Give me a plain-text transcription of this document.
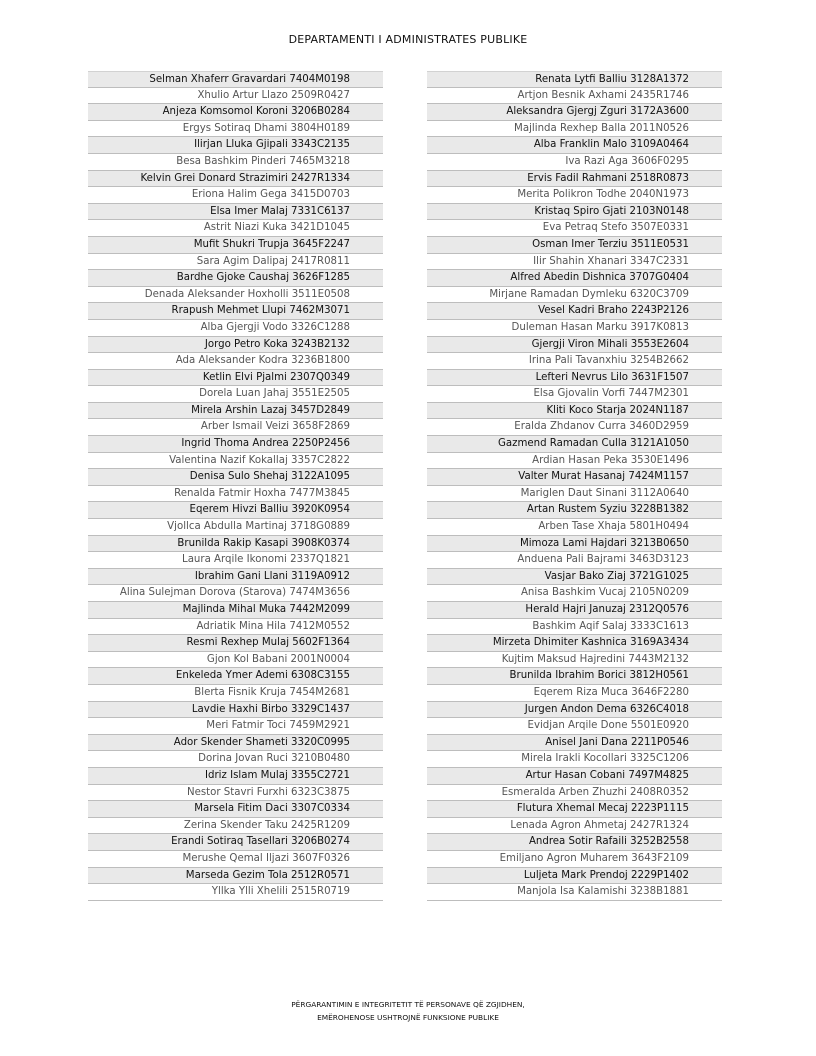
DEPARTAMENTI I ADMINISTRATES PUBLIKE
Selman Xhaferr Gravardari 7404M0198
Xhulio Artur Llazo 2509R0427
Anjeza Komsomol Koroni 3206B0284
Ergys Sotiraq Dhami 3804H0189
Ilirjan Lluka Gjipali 3343C2135
Besa Bashkim Pinderi 7465M3218
Kelvin Grei Donard Strazimiri 2427R1334
Eriona Halim Gega 3415D0703
Elsa Imer Malaj 7331C6137
Astrit Niazi Kuka 3421D1045
Mufit Shukri Trupja 3645F2247
Sara Agim Dalipaj 2417R0811
Bardhe Gjoke Caushaj 3626F1285
Denada Aleksander Hoxholli 3511E0508
Rrapush Mehmet Llupi 7462M3071
Alba Gjergji Vodo 3326C1288
Jorgo Petro Koka 3243B2132
Ada Aleksander Kodra 3236B1800
Ketlin Elvi Pjalmi 2307Q0349
Dorela Luan Jahaj 3551E2505
Mirela Arshin Lazaj 3457D2849
Arber Ismail Veizi 3658F2869
Ingrid Thoma Andrea 2250P2456
Valentina Nazif Kokallaj 3357C2822
Denisa Sulo Shehaj 3122A1095
Renalda Fatmir Hoxha 7477M3845
Eqerem Hivzi Balliu 3920K0954
Vjollca Abdulla Martinaj 3718G0889
Brunilda Rakip Kasapi 3908K0374
Laura Arqile Ikonomi 2337Q1821
Ibrahim Gani Llani 3119A0912
Alina Sulejman Dorova (Starova) 7474M3656
Majlinda Mihal Muka 7442M2099
Adriatik Mina Hila 7412M0552
Resmi Rexhep Mulaj 5602F1364
Gjon Kol Babani 2001N0004
Enkeleda Ymer Ademi 6308C3155
Blerta Fisnik Kruja 7454M2681
Lavdie Haxhi Birbo 3329C1437
Meri Fatmir Toci 7459M2921
Ador Skender Shameti 3320C0995
Dorina Jovan Ruci 3210B0480
Idriz Islam Mulaj 3355C2721
Nestor Stavri Furxhi 6323C3875
Marsela Fitim Daci 3307C0334
Zerina Skender Taku 2425R1209
Erandi Sotiraq Tasellari 3206B0274
Merushe Qemal Iljazi 3607F0326
Marseda Gezim Tola 2512R0571
Yllka Ylli Xhelili 2515R0719
Renata Lytfi Balliu 3128A1372
Artjon Besnik Axhami 2435R1746
Aleksandra Gjergj Zguri 3172A3600
Majlinda Rexhep Balla 2011N0526
Alba Franklin Malo 3109A0464
Iva Razi Aga 3606F0295
Ervis Fadil Rahmani 2518R0873
Merita Polikron Todhe 2040N1973
Kristaq Spiro Gjati 2103N0148
Eva Petraq Stefo 3507E0331
Osman Imer Terziu 3511E0531
Ilir Shahin Xhanari 3347C2331
Alfred Abedin Dishnica 3707G0404
Mirjane Ramadan Dymleku 6320C3709
Vesel Kadri Braho 2243P2126
Duleman Hasan Marku 3917K0813
Gjergji Viron Mihali 3553E2604
Irina Pali Tavanxhiu 3254B2662
Lefteri Nevrus Lilo 3631F1507
Elsa Gjovalin Vorfi 7447M2301
Kliti Koco Starja 2024N1187
Eralda Zhdanov Curra 3460D2959
Gazmend Ramadan Culla 3121A1050
Ardian Hasan Peka 3530E1496
Valter Murat Hasanaj 7424M1157
Mariglen Daut Sinani 3112A0640
Artan Rustem Syziu 3228B1382
Arben Tase Xhaja 5801H0494
Mimoza Lami Hajdari 3213B0650
Anduena Pali Bajrami 3463D3123
Vasjar Bako Ziaj 3721G1025
Anisa Bashkim Vucaj 2105N0209
Herald Hajri Januzaj 2312Q0576
Bashkim Aqif Salaj 3333C1613
Mirzeta Dhimiter Kashnica 3169A3434
Kujtim Maksud Hajredini 7443M2132
Brunilda Ibrahim Borici 3812H0561
Eqerem Riza Muca 3646F2280
Jurgen Andon Dema 6326C4018
Evidjan Arqile Done 5501E0920
Anisel Jani Dana 2211P0546
Mirela Irakli Kocollari 3325C1206
Artur Hasan Cobani 7497M4825
Esmeralda Arben Zhuzhi 2408R0352
Flutura Xhemal Mecaj 2223P1115
Lenada Agron Ahmetaj 2427R1324
Andrea Sotir Rafaili 3252B2558
Emiljano Agron Muharem 3643F2109
Luljeta Mark Prendoj 2229P1402
Manjola Isa Kalamishi 3238B1881
PËRGARANTIMIN E INTEGRITETIT TË PERSONAVE QË ZGJIDHEN,
EMËROHENOSE USHTROJNË FUNKSIONE PUBLIKE
